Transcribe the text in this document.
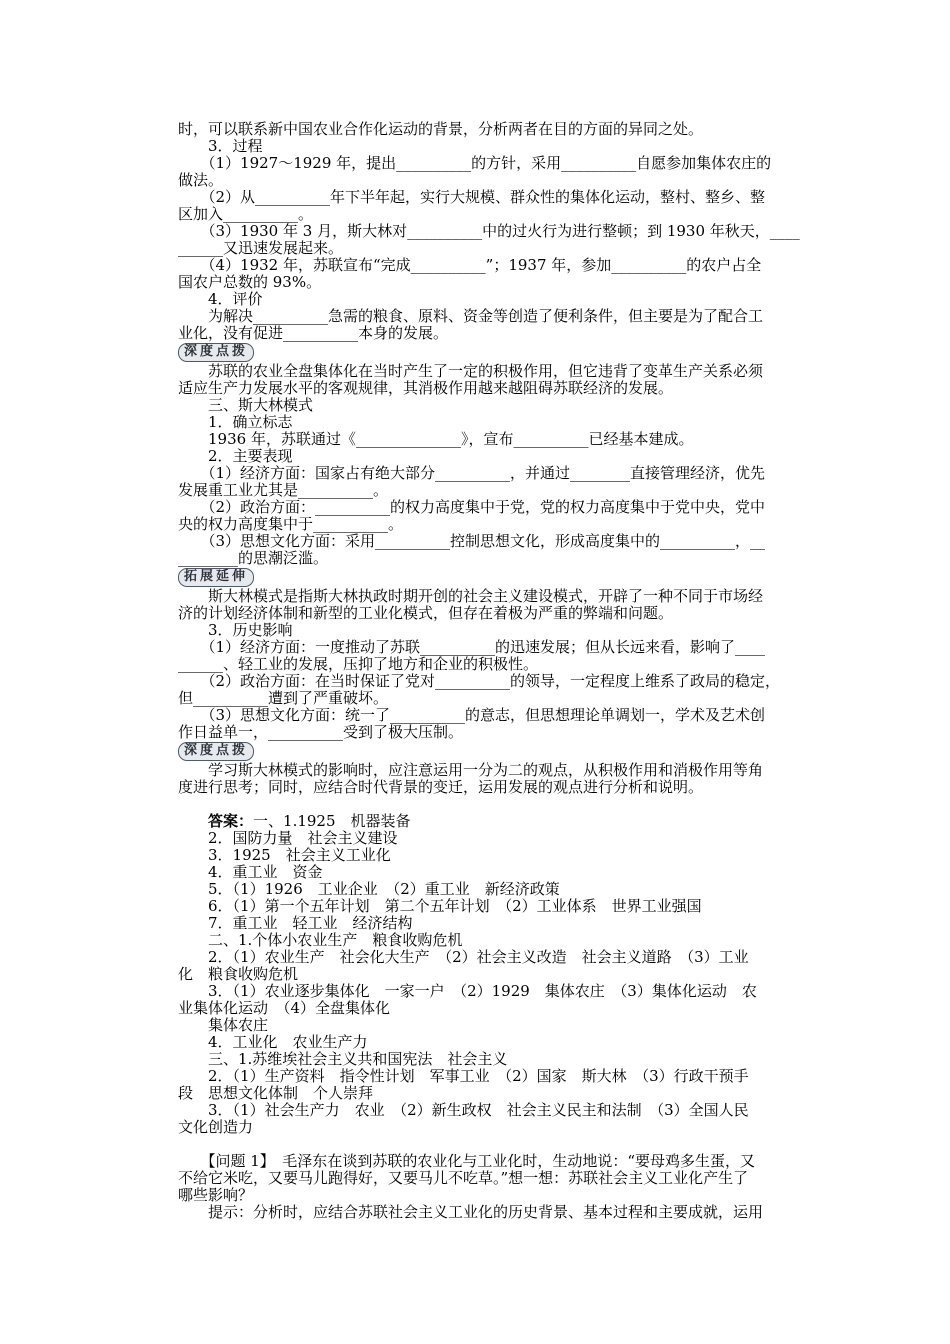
时，可以联系新中国农业合作化运动的背景，分析两者在目的方面的异同之处。
　　3．过程
　　（1）1927～1929 年，提出__________的方针，采用__________自愿参加集体农庄的
做法。
　　（2）从__________年下半年起，实行大规模、群众性的集体化运动，整村、整乡、整
区加入__________。
　　（3）1930 年 3 月，斯大林对__________中的过火行为进行整顿；到 1930 年秋天，____
______又迅速发展起来。
　　（4）1932 年，苏联宣布“完成__________”；1937 年，参加__________的农户占全
国农户总数的 93%。
　　4．评价
　　为解决__________急需的粮食、原料、资金等创造了便利条件，但主要是为了配合工
业化，没有促进__________本身的发展。
深度点拨
　　苏联的农业全盘集体化在当时产生了一定的积极作用，但它违背了变革生产关系必须
适应生产力发展水平的客观规律，其消极作用越来越阻碍苏联经济的发展。
　　三、斯大林模式
　　1．确立标志
　　1936 年，苏联通过《______________》，宣布__________已经基本建成。
　　2．主要表现
　　（1）经济方面：国家占有绝大部分__________，并通过________直接管理经济，优先
发展重工业尤其是__________。
　　（2）政治方面：__________的权力高度集中于党，党的权力高度集中于党中央，党中
央的权力高度集中于__________。
　　（3）思想文化方面：采用__________控制思想文化，形成高度集中的__________，__
________的思潮泛滥。
拓展延伸
　　斯大林模式是指斯大林执政时期开创的社会主义建设模式，开辟了一种不同于市场经
济的计划经济体制和新型的工业化模式，但存在着极为严重的弊端和问题。
　　3．历史影响
　　（1）经济方面：一度推动了苏联__________的迅速发展；但从长远来看，影响了____
______、轻工业的发展，压抑了地方和企业的积极性。
　　（2）政治方面：在当时保证了党对__________的领导，一定程度上维系了政局的稳定，
但__________遭到了严重破坏。
　　（3）思想文化方面：统一了__________的意志，但思想理论单调划一，学术及艺术创
作日益单一，__________受到了极大压制。
深度点拨
　　学习斯大林模式的影响时，应注意运用一分为二的观点，从积极作用和消极作用等角
度进行思考；同时，应结合时代背景的变迁，运用发展的观点进行分析和说明。
　　答案：一、1.1925　机器装备
　　2．国防力量　社会主义建设
　　3．1925　社会主义工业化
　　4．重工业　资金
　　5．（1）1926　工业企业　（2）重工业　新经济政策
　　6．（1）第一个五年计划　第二个五年计划　（2）工业体系　世界工业强国
　　7．重工业　轻工业　经济结构
　　二、1.个体小农业生产　粮食收购危机
　　2．（1）农业生产　社会化大生产　（2）社会主义改造　社会主义道路　（3）工业
化　粮食收购危机
　　3．（1）农业逐步集体化　一家一户　（2）1929　集体农庄　（3）集体化运动　农
业集体化运动　（4）全盘集体化
　　集体农庄
　　4．工业化　农业生产力
　　三、1.苏维埃社会主义共和国宪法　社会主义
　　2．（1）生产资料　指令性计划　军事工业　（2）国家　斯大林　（3）行政干预手
段　思想文化体制　个人崇拜
　　3．（1）社会生产力　农业　（2）新生政权　社会主义民主和法制　（3）全国人民
文化创造力
　　【问题 1】　毛泽东在谈到苏联的农业化与工业化时，生动地说：“要母鸡多生蛋，又
不给它米吃，又要马儿跑得好，又要马儿不吃草。”想一想：苏联社会主义工业化产生了
哪些影响？
　　提示：分析时，应结合苏联社会主义工业化的历史背景、基本过程和主要成就，运用
